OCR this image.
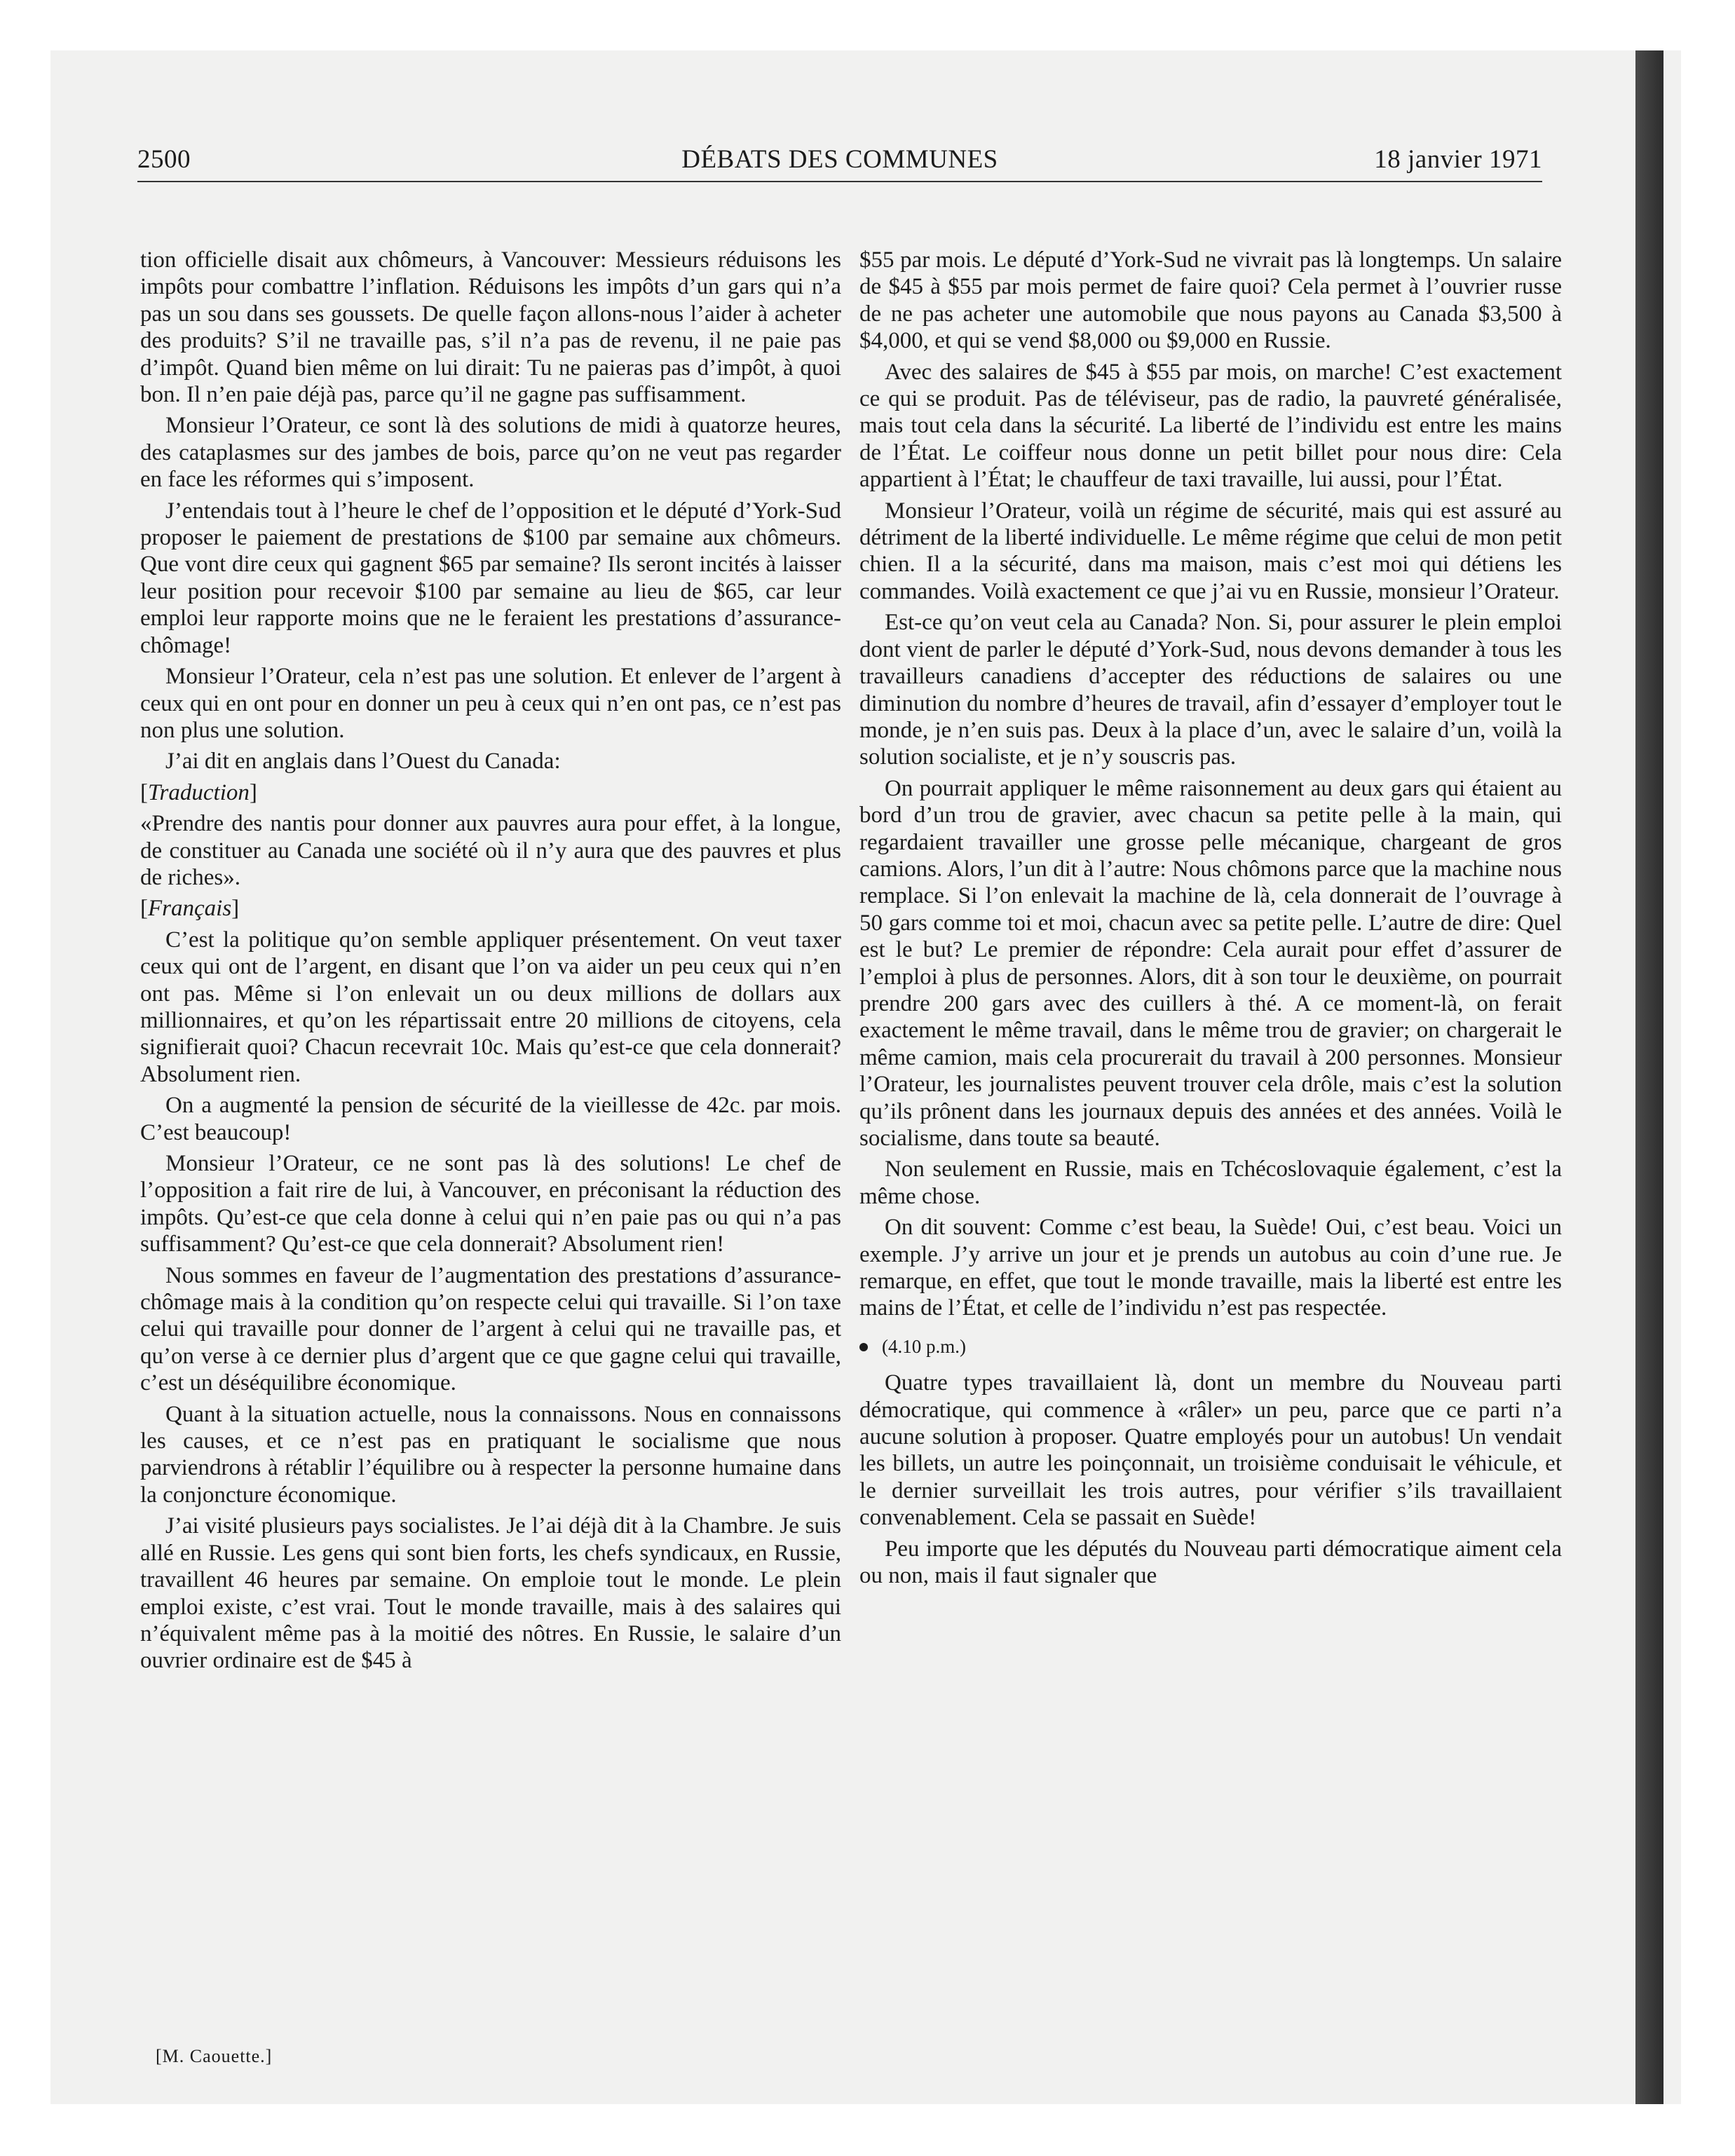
2500	DÉBATS DES COMMUNES	18 janvier 1971

tion officielle disait aux chômeurs, à Vancouver: Messieurs réduisons les impôts pour combattre l’inflation. Réduisons les impôts d’un gars qui n’a pas un sou dans ses goussets. De quelle façon allons-nous l’aider à acheter des produits? S’il ne travaille pas, s’il n’a pas de revenu, il ne paie pas d’impôt. Quand bien même on lui dirait: Tu ne paieras pas d’impôt, à quoi bon. Il n’en paie déjà pas, parce qu’il ne gagne pas suffisamment.

Monsieur l’Orateur, ce sont là des solutions de midi à quatorze heures, des cataplasmes sur des jambes de bois, parce qu’on ne veut pas regarder en face les réformes qui s’imposent.

J’entendais tout à l’heure le chef de l’opposition et le député d’York-Sud proposer le paiement de prestations de $100 par semaine aux chômeurs. Que vont dire ceux qui gagnent $65 par semaine? Ils seront incités à laisser leur position pour recevoir $100 par semaine au lieu de $65, car leur emploi leur rapporte moins que ne le feraient les prestations d’assurance-chômage!

Monsieur l’Orateur, cela n’est pas une solution. Et enlever de l’argent à ceux qui en ont pour en donner un peu à ceux qui n’en ont pas, ce n’est pas non plus une solution.

J’ai dit en anglais dans l’Ouest du Canada:

[Traduction]

«Prendre des nantis pour donner aux pauvres aura pour effet, à la longue, de constituer au Canada une société où il n’y aura que des pauvres et plus de riches».

[Français]

C’est la politique qu’on semble appliquer présentement. On veut taxer ceux qui ont de l’argent, en disant que l’on va aider un peu ceux qui n’en ont pas. Même si l’on enlevait un ou deux millions de dollars aux millionnaires, et qu’on les répartissait entre 20 millions de citoyens, cela signifierait quoi? Chacun recevrait 10c. Mais qu’est-ce que cela donnerait? Absolument rien.

On a augmenté la pension de sécurité de la vieillesse de 42c. par mois. C’est beaucoup!

Monsieur l’Orateur, ce ne sont pas là des solutions! Le chef de l’opposition a fait rire de lui, à Vancouver, en préconisant la réduction des impôts. Qu’est-ce que cela donne à celui qui n’en paie pas ou qui n’a pas suffisamment? Qu’est-ce que cela donnerait? Absolument rien!

Nous sommes en faveur de l’augmentation des prestations d’assurance-chômage mais à la condition qu’on respecte celui qui travaille. Si l’on taxe celui qui travaille pour donner de l’argent à celui qui ne travaille pas, et qu’on verse à ce dernier plus d’argent que ce que gagne celui qui travaille, c’est un déséquilibre économique.

Quant à la situation actuelle, nous la connaissons. Nous en connaissons les causes, et ce n’est pas en pratiquant le socialisme que nous parviendrons à rétablir l’équilibre ou à respecter la personne humaine dans la conjoncture économique.

J’ai visité plusieurs pays socialistes. Je l’ai déjà dit à la Chambre. Je suis allé en Russie. Les gens qui sont bien forts, les chefs syndicaux, en Russie, travaillent 46 heures par semaine. On emploie tout le monde. Le plein emploi existe, c’est vrai. Tout le monde travaille, mais à des salaires qui n’équivalent même pas à la moitié des nôtres. En Russie, le salaire d’un ouvrier ordinaire est de $45 à

[M. Caouette.]

$55 par mois. Le député d’York-Sud ne vivrait pas là longtemps. Un salaire de $45 à $55 par mois permet de faire quoi? Cela permet à l’ouvrier russe de ne pas acheter une automobile que nous payons au Canada $3,500 à $4,000, et qui se vend $8,000 ou $9,000 en Russie.

Avec des salaires de $45 à $55 par mois, on marche! C’est exactement ce qui se produit. Pas de téléviseur, pas de radio, la pauvreté généralisée, mais tout cela dans la sécurité. La liberté de l’individu est entre les mains de l’État. Le coiffeur nous donne un petit billet pour nous dire: Cela appartient à l’État; le chauffeur de taxi travaille, lui aussi, pour l’État.

Monsieur l’Orateur, voilà un régime de sécurité, mais qui est assuré au détriment de la liberté individuelle. Le même régime que celui de mon petit chien. Il a la sécurité, dans ma maison, mais c’est moi qui détiens les commandes. Voilà exactement ce que j’ai vu en Russie, monsieur l’Orateur.

Est-ce qu’on veut cela au Canada? Non. Si, pour assurer le plein emploi dont vient de parler le député d’York-Sud, nous devons demander à tous les travailleurs canadiens d’accepter des réductions de salaires ou une diminution du nombre d’heures de travail, afin d’essayer d’employer tout le monde, je n’en suis pas. Deux à la place d’un, avec le salaire d’un, voilà la solution socialiste, et je n’y souscris pas.

On pourrait appliquer le même raisonnement au deux gars qui étaient au bord d’un trou de gravier, avec chacun sa petite pelle à la main, qui regardaient travailler une grosse pelle mécanique, chargeant de gros camions. Alors, l’un dit à l’autre: Nous chômons parce que la machine nous remplace. Si l’on enlevait la machine de là, cela donnerait de l’ouvrage à 50 gars comme toi et moi, chacun avec sa petite pelle. L’autre de dire: Quel est le but? Le premier de répondre: Cela aurait pour effet d’assurer de l’emploi à plus de personnes. Alors, dit à son tour le deuxième, on pourrait prendre 200 gars avec des cuillers à thé. A ce moment-là, on ferait exactement le même travail, dans le même trou de gravier; on chargerait le même camion, mais cela procurerait du travail à 200 personnes. Monsieur l’Orateur, les journalistes peuvent trouver cela drôle, mais c’est la solution qu’ils prônent dans les journaux depuis des années et des années. Voilà le socialisme, dans toute sa beauté.

Non seulement en Russie, mais en Tchécoslovaquie également, c’est la même chose.

On dit souvent: Comme c’est beau, la Suède! Oui, c’est beau. Voici un exemple. J’y arrive un jour et je prends un autobus au coin d’une rue. Je remarque, en effet, que tout le monde travaille, mais la liberté est entre les mains de l’État, et celle de l’individu n’est pas respectée.

(4.10 p.m.)

Quatre types travaillaient là, dont un membre du Nouveau parti démocratique, qui commence à «râler» un peu, parce que ce parti n’a aucune solution à proposer. Quatre employés pour un autobus! Un vendait les billets, un autre les poinçonnait, un troisième conduisait le véhicule, et le dernier surveillait les trois autres, pour vérifier s’ils travaillaient convenablement. Cela se passait en Suède!

Peu importe que les députés du Nouveau parti démocratique aiment cela ou non, mais il faut signaler que
